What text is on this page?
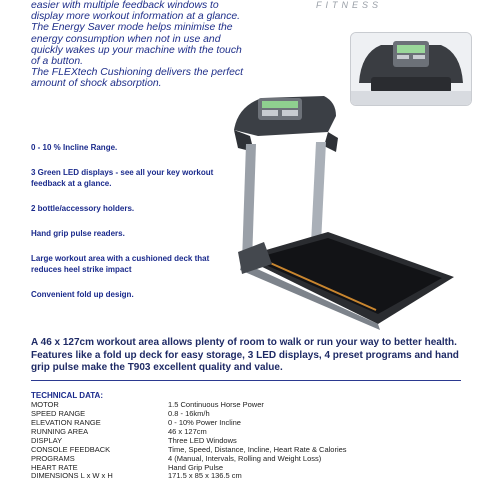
easier with multiple feedback windows to
display more workout information at a glance.
The Energy Saver mode helps minimise the
energy consumption when not in use and
quickly wakes up your machine with the touch
of a button.
The FLEXtech Cushioning delivers the perfect
amount of shock absorption.
FITNESS
0 - 10 % Incline Range.
3 Green LED displays - see all your key workout feedback at a glance.
2 bottle/accessory holders.
Hand grip pulse readers.
Large workout area with a cushioned deck that reduces heel strike impact
Convenient fold up design.
A 46 x 127cm workout area allows plenty of room to walk or run your way to better health. Features like a fold up deck for easy storage, 3 LED displays, 4 preset programs and hand grip pulse make the T903 excellent quality and value.
TECHNICAL DATA:
MOTOR	1.5 Continuous Horse Power
SPEED RANGE	0.8 - 16km/h
ELEVATION RANGE	0 - 10% Power Incline
RUNNING AREA	46 x 127cm
DISPLAY	Three LED Windows
CONSOLE FEEDBACK	Time, Speed, Distance, Incline, Heart Rate & Calories
PROGRAMS	4 (Manual, Intervals, Rolling and Weight Loss)
HEART RATE	Hand Grip Pulse
DIMENSIONS L x W x H	171.5 x 85 x 136.5 cm
